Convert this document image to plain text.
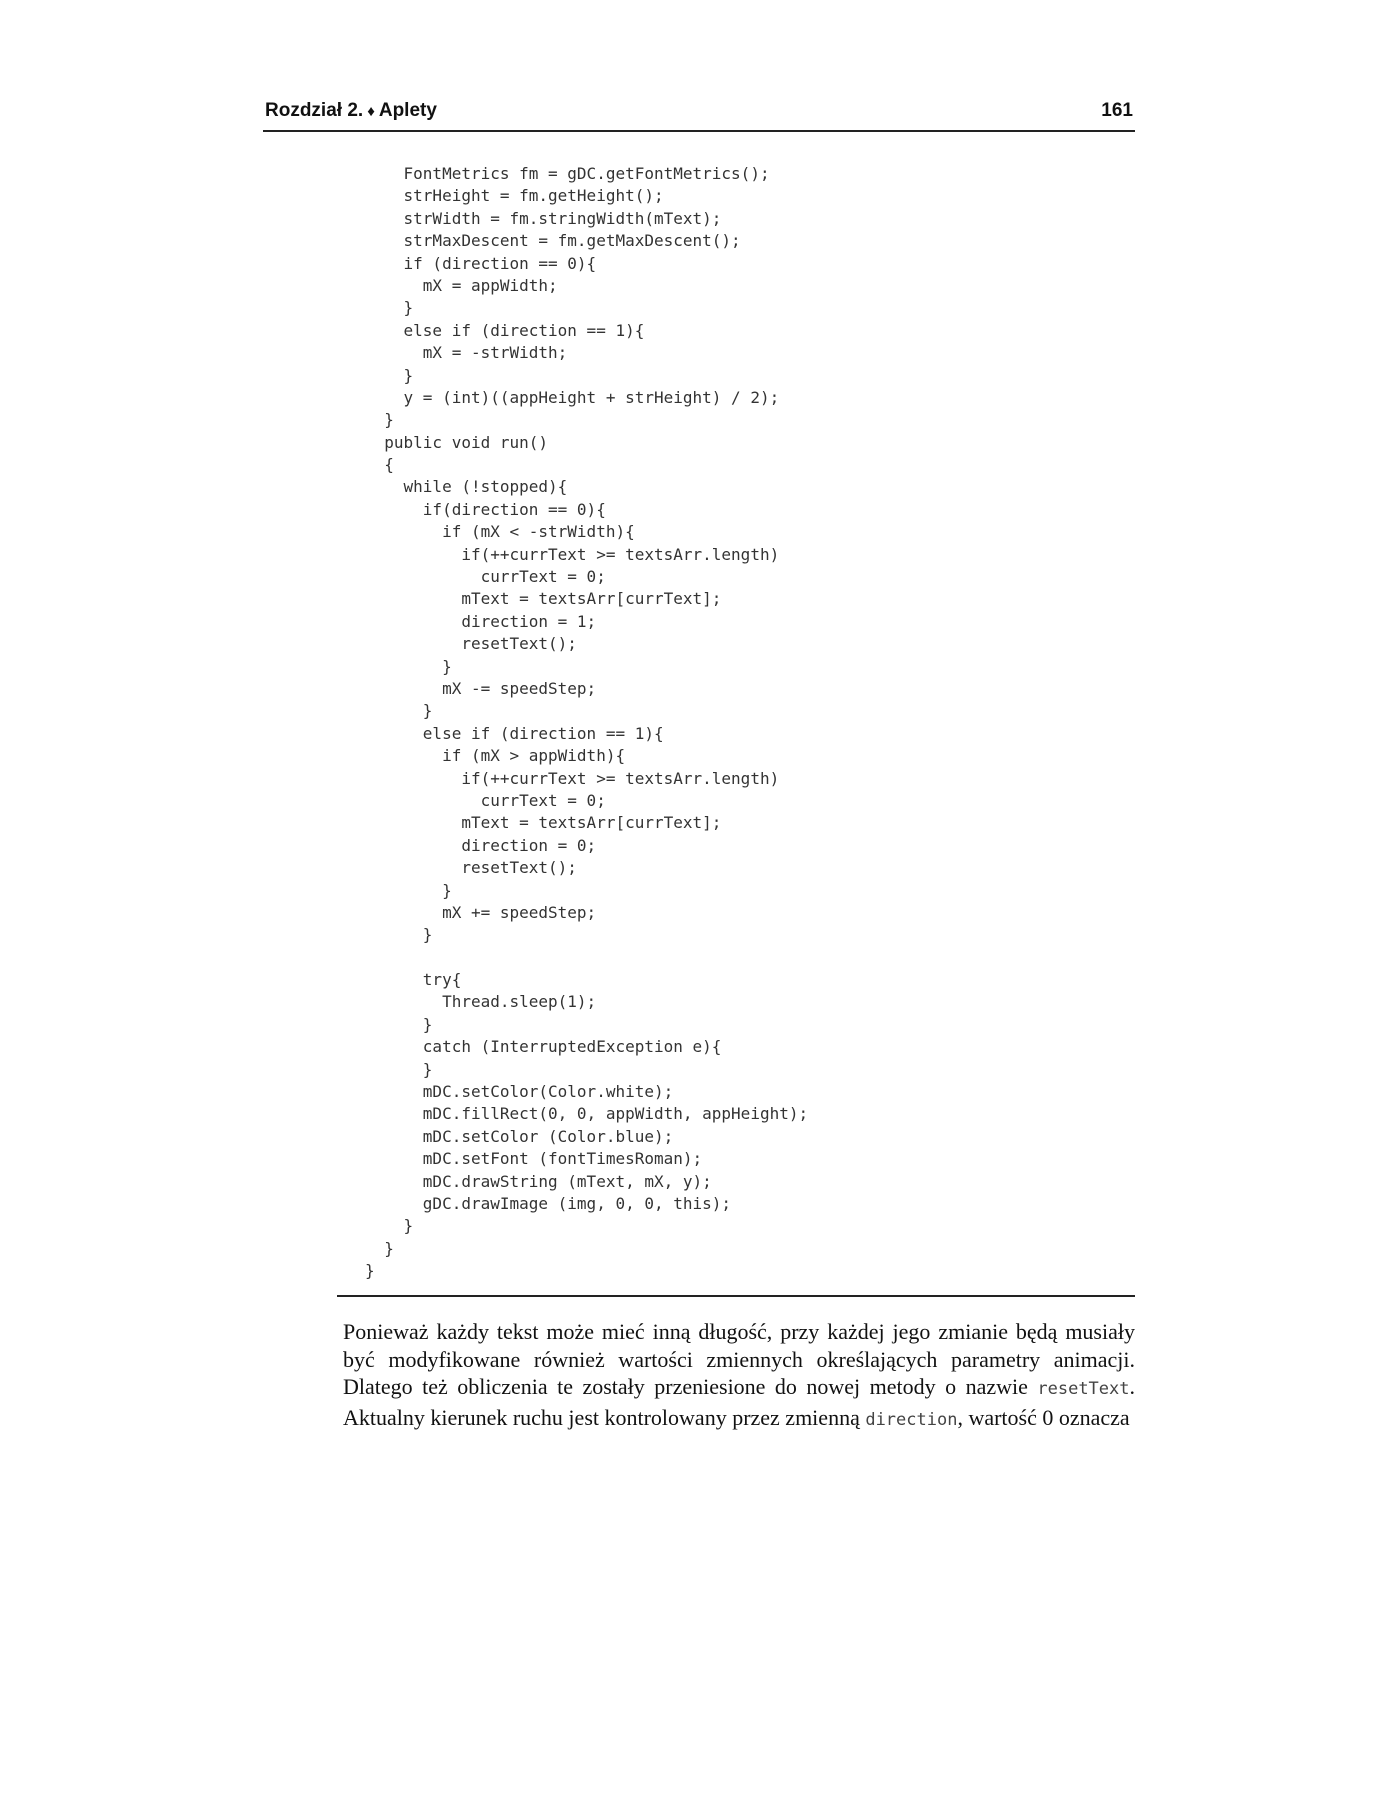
Rozdział 2. ♦ Aplety	161
FontMetrics fm = gDC.getFontMetrics();
strHeight = fm.getHeight();
strWidth = fm.stringWidth(mText);
strMaxDescent = fm.getMaxDescent();
if (direction == 0){
mX = appWidth;
}
else if (direction == 1){
mX = -strWidth;
}
y = (int)((appHeight + strHeight) / 2);
}
public void run()
{
while (!stopped){
if(direction == 0){
if (mX < -strWidth){
if(++currText >= textsArr.length)
currText = 0;
mText = textsArr[currText];
direction = 1;
resetText();
}
mX -= speedStep;
}
else if (direction == 1){
if (mX > appWidth){
if(++currText >= textsArr.length)
currText = 0;
mText = textsArr[currText];
direction = 0;
resetText();
}
mX += speedStep;
}
try{
Thread.sleep(1);
}
catch (InterruptedException e){
}
mDC.setColor(Color.white);
mDC.fillRect(0, 0, appWidth, appHeight);
mDC.setColor (Color.blue);
mDC.setFont (fontTimesRoman);
mDC.drawString (mText, mX, y);
gDC.drawImage (img, 0, 0, this);
}
}
}

Ponieważ każdy tekst może mieć inną długość, przy każdej jego zmianie będą musiały być modyfikowane również wartości zmiennych określających parametry animacji. Dlatego też obliczenia te zostały przeniesione do nowej metody o nazwie resetText. Aktualny kierunek ruchu jest kontrolowany przez zmienną direction, wartość 0 oznacza
